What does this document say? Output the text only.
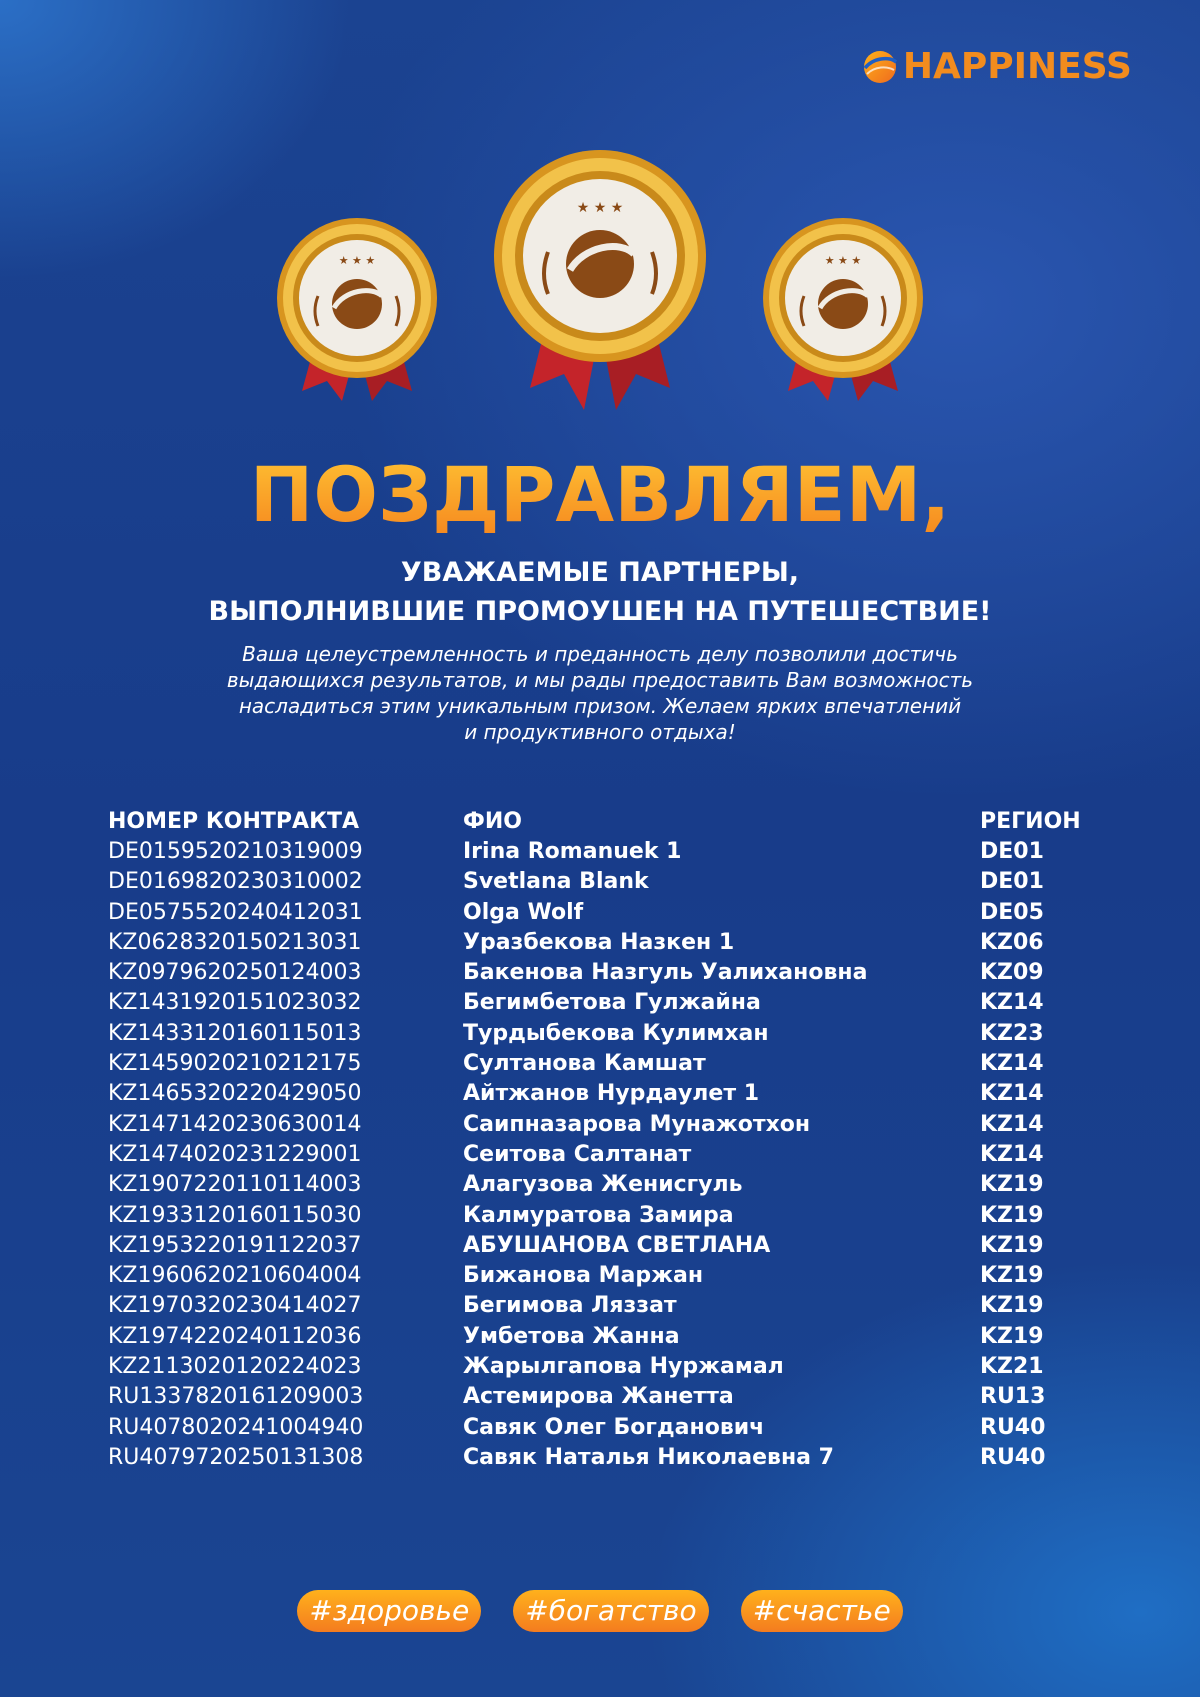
HAPPINESS
★ ★ ★
★ ★ ★
★ ★ ★
ПОЗДРАВЛЯЕМ,
УВАЖАЕМЫЕ ПАРТНЕРЫ,
ВЫПОЛНИВШИЕ ПРОМОУШЕН НА ПУТЕШЕСТВИЕ!
Ваша целеустремленность и преданность делу позволили достичь
выдающихся результатов, и мы рады предоставить Вам возможность
насладиться этим уникальным призом. Желаем ярких впечатлений
и продуктивного отдыха!
НОМЕР КОНТРАКТА	ФИО	РЕГИОН
DE0159520210319009	Irina Romanuek 1	DE01
DE0169820230310002	Svetlana Blank	DE01
DE0575520240412031	Olga Wolf	DE05
KZ0628320150213031	Уразбекова Назкен 1	KZ06
KZ0979620250124003	Бакенова Назгуль Уалихановна	KZ09
KZ1431920151023032	Бегимбетова Гулжайна	KZ14
KZ1433120160115013	Турдыбекова Кулимхан	KZ23
KZ1459020210212175	Султанова Камшат	KZ14
KZ1465320220429050	Айтжанов Нурдаулет 1	KZ14
KZ1471420230630014	Саипназарова Мунажотхон	KZ14
KZ1474020231229001	Сеитова Салтанат	KZ14
KZ1907220110114003	Алагузова Женисгуль	KZ19
KZ1933120160115030	Калмуратова Замира	KZ19
KZ1953220191122037	АБУШАНОВА СВЕТЛАНА	KZ19
KZ1960620210604004	Бижанова Маржан	KZ19
KZ1970320230414027	Бегимова Ляззат	KZ19
KZ1974220240112036	Умбетова Жанна	KZ19
KZ2113020120224023	Жарылгапова Нуржамал	KZ21
RU1337820161209003	Астемирова Жанетта	RU13
RU4078020241004940	Савяк Олег Богданович	RU40
RU4079720250131308	Савяк Наталья Николаевна 7	RU40
#здоровье	#богатство	#счастье
